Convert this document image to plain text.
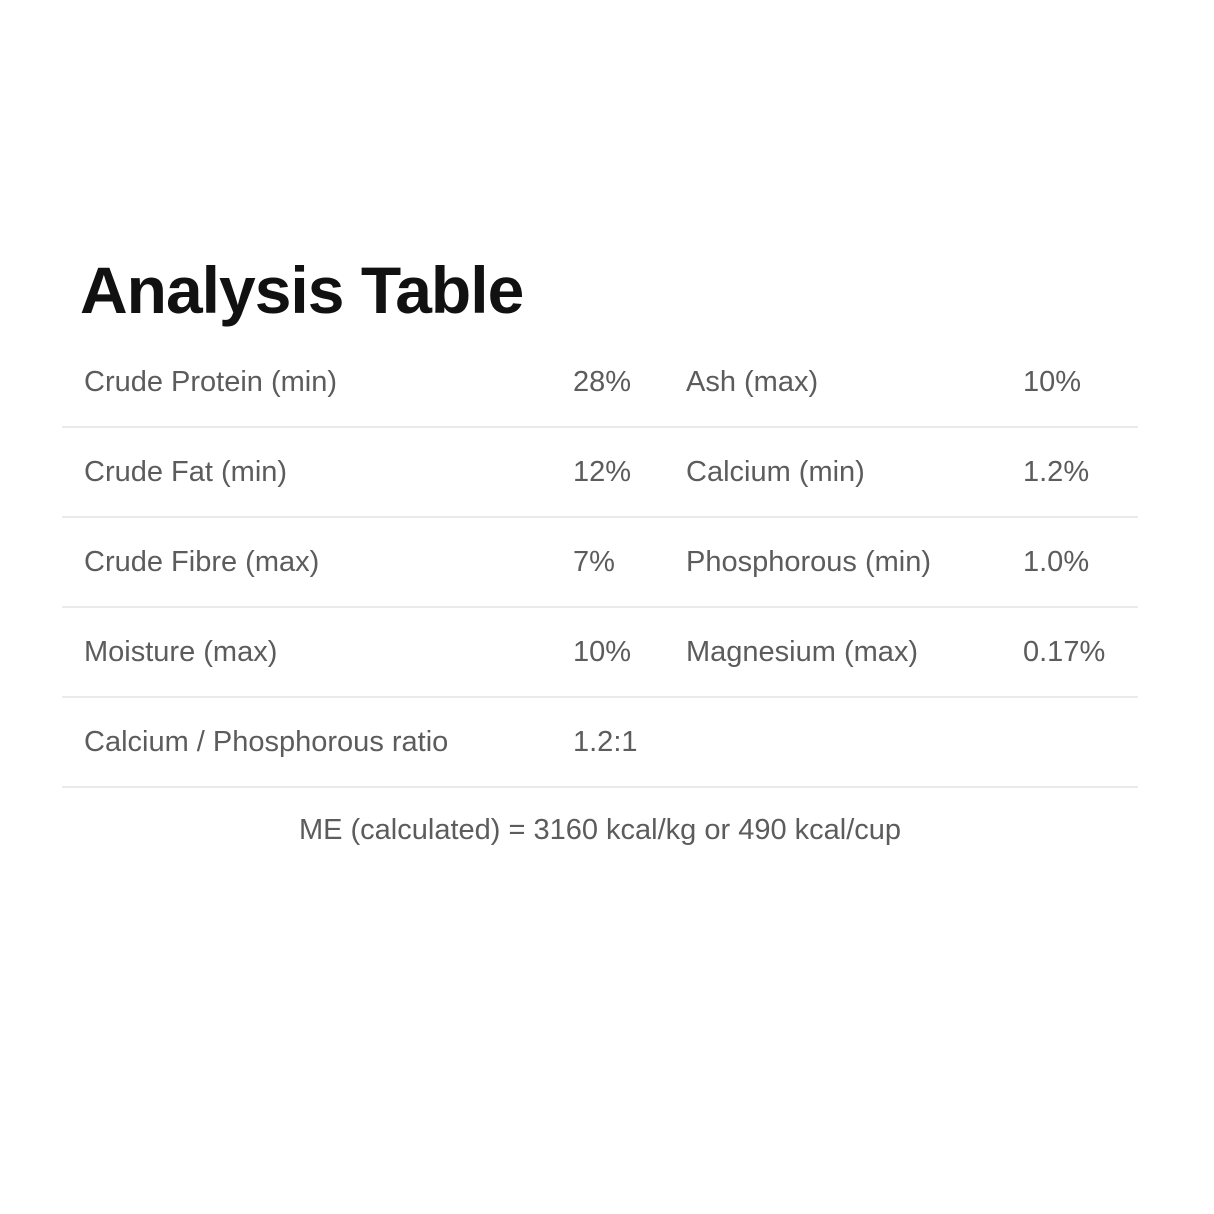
Analysis Table
Crude Protein (min)	28%	Ash (max)	10%
Crude Fat (min)	12%	Calcium (min)	1.2%
Crude Fibre (max)	7%	Phosphorous (min)	1.0%
Moisture (max)	10%	Magnesium (max)	0.17%
Calcium / Phosphorous ratio	1.2:1
ME (calculated) = 3160 kcal/kg or 490 kcal/cup
